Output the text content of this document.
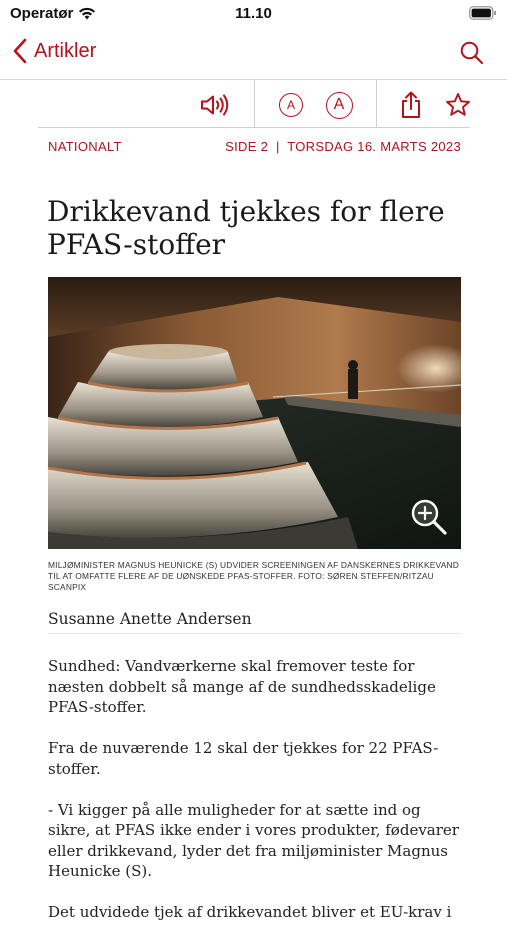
Operatør	11.10
Artikler
A A
NATIONALT	SIDE 2  |  TORSDAG 16. MARTS 2023
Drikkevand tjekkes for flere PFAS-stoffer
MILJØMINISTER MAGNUS HEUNICKE (S) UDVIDER SCREENINGEN AF DANSKERNES DRIKKEVAND TIL AT OMFATTE FLERE AF DE UØNSKEDE PFAS-STOFFER. FOTO: SØREN STEFFEN/RITZAU SCANPIX
Susanne Anette Andersen

Sundhed: Vandværkerne skal fremover teste for næsten dobbelt så mange af de sundhedsskadelige PFAS-stoffer.

Fra de nuværende 12 skal der tjekkes for 22 PFAS-stoffer.

- Vi kigger på alle muligheder for at sætte ind og sikre, at PFAS ikke ender i vores produkter, fødevarer eller drikkevand, lyder det fra miljøminister Magnus Heunicke (S).

Det udvidede tjek af drikkevandet bliver et EU-krav i
